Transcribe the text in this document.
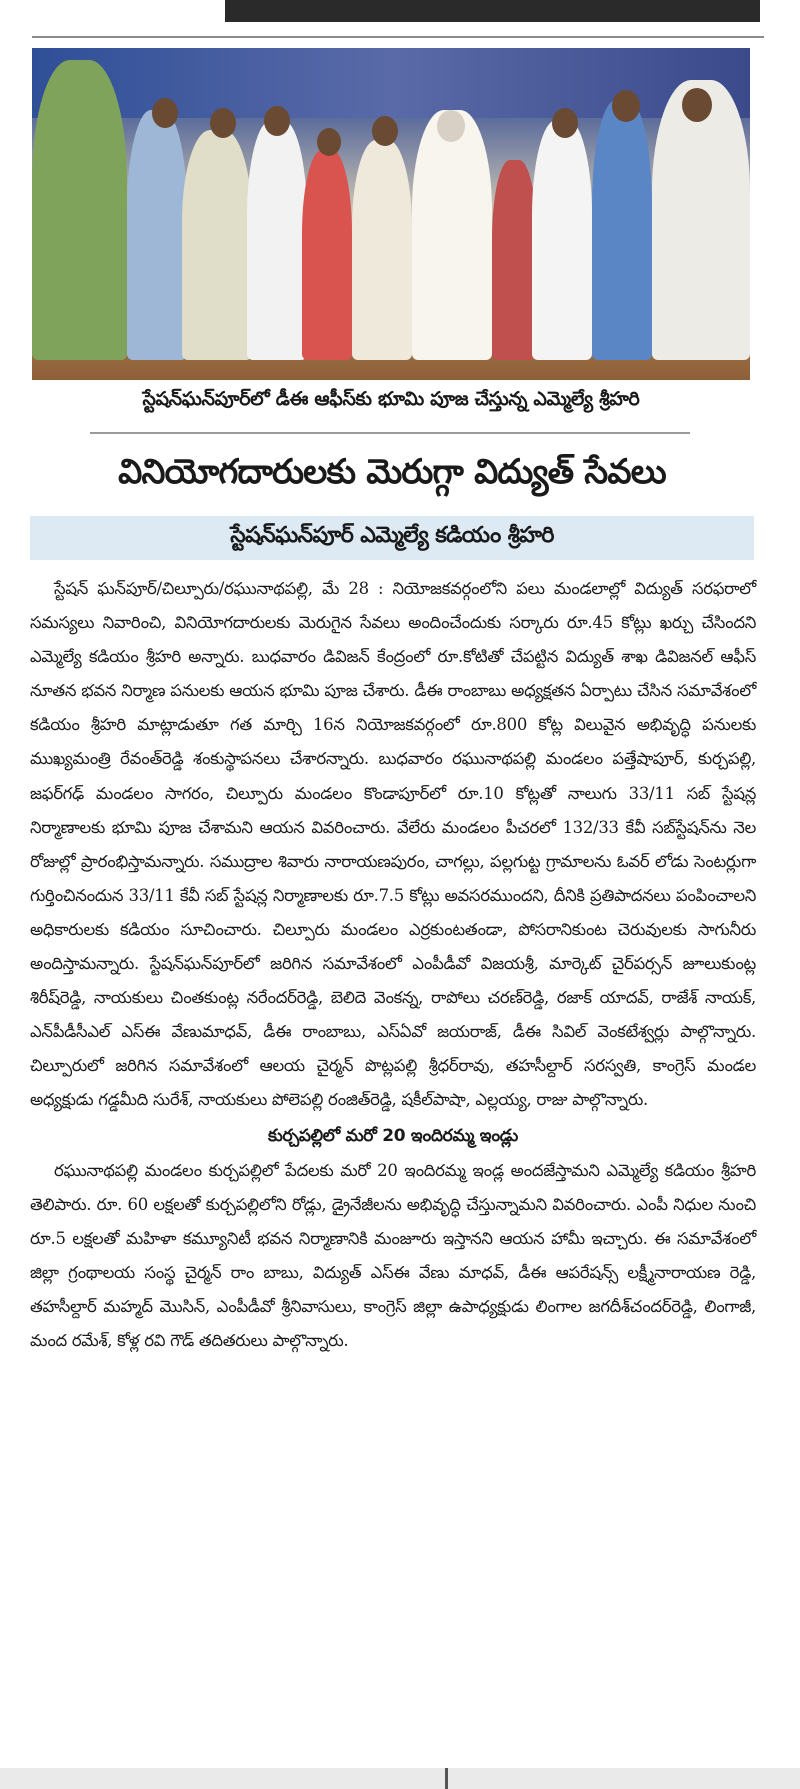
స్టేషన్‌ఘన్‌పూర్‌లో డీఈ ఆఫీస్‌కు భూమి పూజ చేస్తున్న ఎమ్మెల్యే శ్రీహరి
వినియోగదారులకు మెరుగ్గా విద్యుత్‌ సేవలు
స్టేషన్‌ఘన్‌పూర్‌ ఎమ్మెల్యే కడియం శ్రీహరి

స్టేషన్‌ ఘన్‌పూర్‌/చిల్పూరు/రఘునాథపల్లి, మే 28 : నియోజకవర్గంలోని పలు మండలాల్లో విద్యుత్‌ సరఫరాలో సమస్యలు నివారించి, వినియోగదారులకు మెరుగైన సేవలు అందించేందుకు సర్కారు రూ.45 కోట్లు ఖర్చు చేసిందని ఎమ్మెల్యే కడియం శ్రీహరి అన్నారు. బుధవారం డివిజన్‌ కేంద్రంలో రూ.కోటితో చేపట్టిన విద్యుత్‌ శాఖ డివిజనల్‌ ఆఫీస్‌ నూతన భవన నిర్మాణ పనులకు ఆయన భూమి పూజ చేశారు. డీఈ రాంబాబు అధ్యక్షతన ఏర్పాటు చేసిన సమావేశంలో కడియం శ్రీహరి మాట్లాడుతూ గత మార్చి 16న నియోజకవర్గంలో రూ.800 కోట్ల విలువైన అభివృద్ధి పనులకు ముఖ్యమంత్రి రేవంత్‌రెడ్డి శంకుస్థాపనలు చేశారన్నారు. బుధవారం రఘునాథపల్లి మండలం పత్తేషాపూర్‌, కుర్చపల్లి, జఫర్‌గఢ్‌ మండలం సాగరం, చిల్పూరు మండలం కొండాపూర్‌లో రూ.10 కోట్లతో నాలుగు 33/11 సబ్‌ స్టేషన్ల నిర్మాణాలకు భూమి పూజ చేశామని ఆయన వివరించారు. వేలేరు మండలం పీచరలో 132/33 కేవీ సబ్‌స్టేషన్‌ను నెల రోజుల్లో ప్రారంభిస్తామన్నారు. సముద్రాల శివారు నారాయణపురం, చాగల్లు, పల్లగుట్ట గ్రామాలను ఓవర్‌ లోడు సెంటర్లుగా గుర్తించినందున 33/11 కేవీ సబ్‌ స్టేషన్ల నిర్మాణాలకు రూ.7.5 కోట్లు అవసరముందని, దీనికి ప్రతిపాదనలు పంపించాలని అధికారులకు కడియం సూచించారు. చిల్పూరు మండలం ఎర్రకుంటతండా, పోసరానికుంట చెరువులకు సాగునీరు అందిస్తామన్నారు. స్టేషన్‌ఘన్‌పూర్‌లో జరిగిన సమావేశంలో ఎంపీడీవో విజయశ్రీ, మార్కెట్‌ చైర్‌పర్సన్‌ జూలుకుంట్ల శిరీష్‌రెడ్డి, నాయకులు చింతకుంట్ల నరేందర్‌రెడ్డి, బెలిదె వెంకన్న, రాపోలు చరణ్‌రెడ్డి, రజాక్‌ యాదవ్‌, రాజేశ్‌ నాయక్‌, ఎన్‌పీడీసీఎల్‌ ఎస్‌ఈ వేణుమాధవ్‌, డీఈ రాంబాబు, ఎస్‌ఏవో జయరాజ్‌, డీఈ సివిల్‌ వెంకటేశ్వర్లు పాల్గొన్నారు. చిల్పూరులో జరిగిన సమావేశంలో ఆలయ చైర్మన్‌ పొట్లపల్లి శ్రీధర్‌రావు, తహసీల్దార్‌ సరస్వతి, కాంగ్రెస్‌ మండల అధ్యక్షుడు గడ్డమీది సురేశ్‌, నాయకులు పోలెపల్లి రంజిత్‌రెడ్డి, షకీల్‌పాషా, ఎల్లయ్య, రాజు పాల్గొన్నారు.

కుర్చపల్లిలో మరో 20 ఇందిరమ్మ ఇండ్లు

రఘునాథపల్లి మండలం కుర్చపల్లిలో పేదలకు మరో 20 ఇందిరమ్మ ఇండ్ల అందజేస్తామని ఎమ్మెల్యే కడియం శ్రీహరి తెలిపారు. రూ. 60 లక్షలతో కుర్చపల్లిలోని రోడ్లు, డ్రైనేజీలను అభివృద్ధి చేస్తున్నామని వివరించారు. ఎంపీ నిధుల నుంచి రూ.5 లక్షలతో మహిళా కమ్యూనిటీ భవన నిర్మాణానికి మంజూరు ఇస్తానని ఆయన హామీ ఇచ్చారు. ఈ సమావేశంలో జిల్లా గ్రంథాలయ సంస్థ చైర్మన్‌ రాం బాబు, విద్యుత్‌ ఎస్‌ఈ వేణు మాధవ్‌, డీఈ ఆపరేషన్స్‌ లక్ష్మీనారాయణ రెడ్డి, తహసీల్దార్‌ మహ్మద్‌ మొసిన్‌, ఎంపీడీవో శ్రీనివాసులు, కాంగ్రెస్‌ జిల్లా ఉపాధ్యక్షుడు లింగాల జగదీశ్‌చందర్‌రెడ్డి, లింగాజీ, మంద రమేశ్‌, కోళ్ల రవి గౌడ్‌ తదితరులు పాల్గొన్నారు.
